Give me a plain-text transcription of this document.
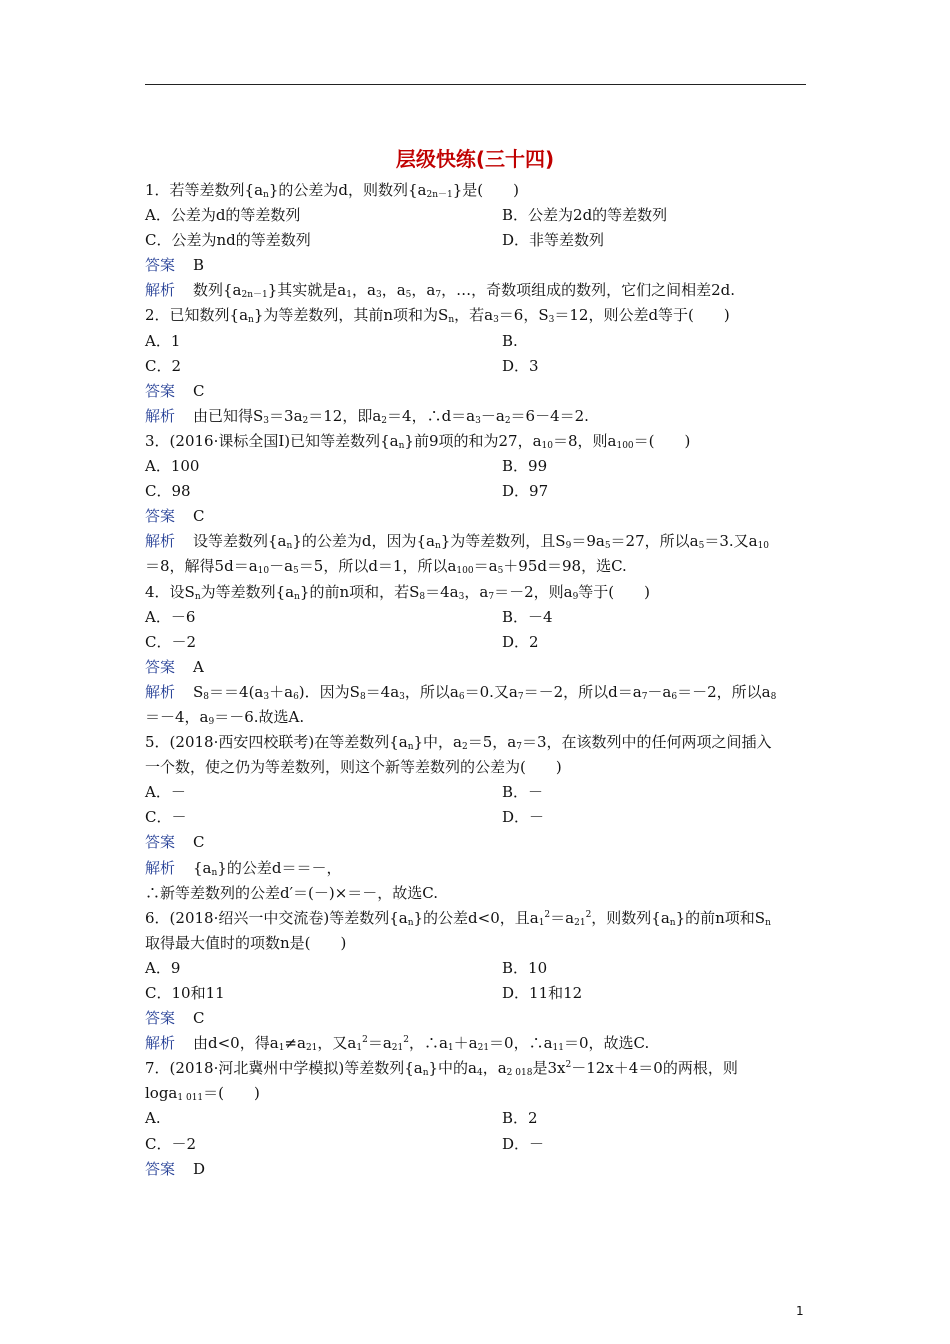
层级快练(三十四)
1．若等差数列$\{a_n\}$的公差为d，则数列$\{a_{2n-1}\}$是(　　)
A．公差为d的等差数列	B．公差为2d的等差数列
C．公差为nd的等差数列	D．非等差数列
答案 B
解析 数列$\{a_{2n-1}\}$其实就是$a_1$，$a_3$，$a_5$，$a_7$，…，奇数项组成的数列，它们之间相差2d.
2．已知数列$\{a_n\}$为等差数列，其前n项和为$S_n$，若$a_3=6$，$S_3=12$，则公差d等于(　　)
A．1	B.
C．2	D．3
答案 C
解析 由已知得$S_3=3a_2=12$，即$a_2=4$，$\therefore d=a_3-a_2=6-4=2$.
3．(2016·课标全国Ⅰ)已知等差数列$\{a_n\}$前9项的和为27，$a_{10}=8$，则$a_{100}=$(　　)
A．100	B．99
C．98	D．97
答案 C
解析 设等差数列$\{a_n\}$的公差为d，因为$\{a_n\}$为等差数列，且$S_9=9a_5=27$，所以$a_5=3$.又$a_{10}$
＝8，解得$5d=a_{10}-a_5=5$，所以d＝1，所以$a_{100}=a_5+95d=98$，选C.
4．设$S_n$为等差数列$\{a_n\}$的前n项和，若$S_8=4a_3$，$a_7=-2$，则$a_9$等于(　　)
A．－6	B．－4
C．－2	D．2
答案 A
解析 $S_8==4(a_3+a_6)$．因为$S_8=4a_3$，所以$a_6=0$.又$a_7=-2$，所以$d=a_7-a_6=-2$，所以$a_8$
＝－4，$a_9=-6$.故选A.
5．(2018·西安四校联考)在等差数列$\{a_n\}$中，$a_2=5$，$a_7=3$，在该数列中的任何两项之间插入
一个数，使之仍为等差数列，则这个新等差数列的公差为(　　)
A．－	B．－
C．－	D．－
答案 C
解析 $\{a_n\}$的公差d＝＝－，
∴新等差数列的公差d′＝(－)×＝－，故选C.
6．(2018·绍兴一中交流卷)等差数列$\{a_n\}$的公差d<0，且$a_1^2=a_{21}^2$，则数列$\{a_n\}$的前n项和$S_n$
取得最大值时的项数n是(　　)
A．9	B．10
C．10和11	D．11和12
答案 C
解析 由d<0，得$a_1\ne a_{21}$，又$a_1^2=a_{21}^2$，$\therefore a_1+a_{21}=0$，$\therefore a_{11}=0$，故选C.
7．(2018·河北冀州中学模拟)等差数列$\{a_n\}$中的$a_4$，$a_{2 018}$是$3x^2-12x+4=0$的两根，则
loga$_{1 011}$＝(　　)
A.	B．2
C．－2	D．－
答案 D
1
